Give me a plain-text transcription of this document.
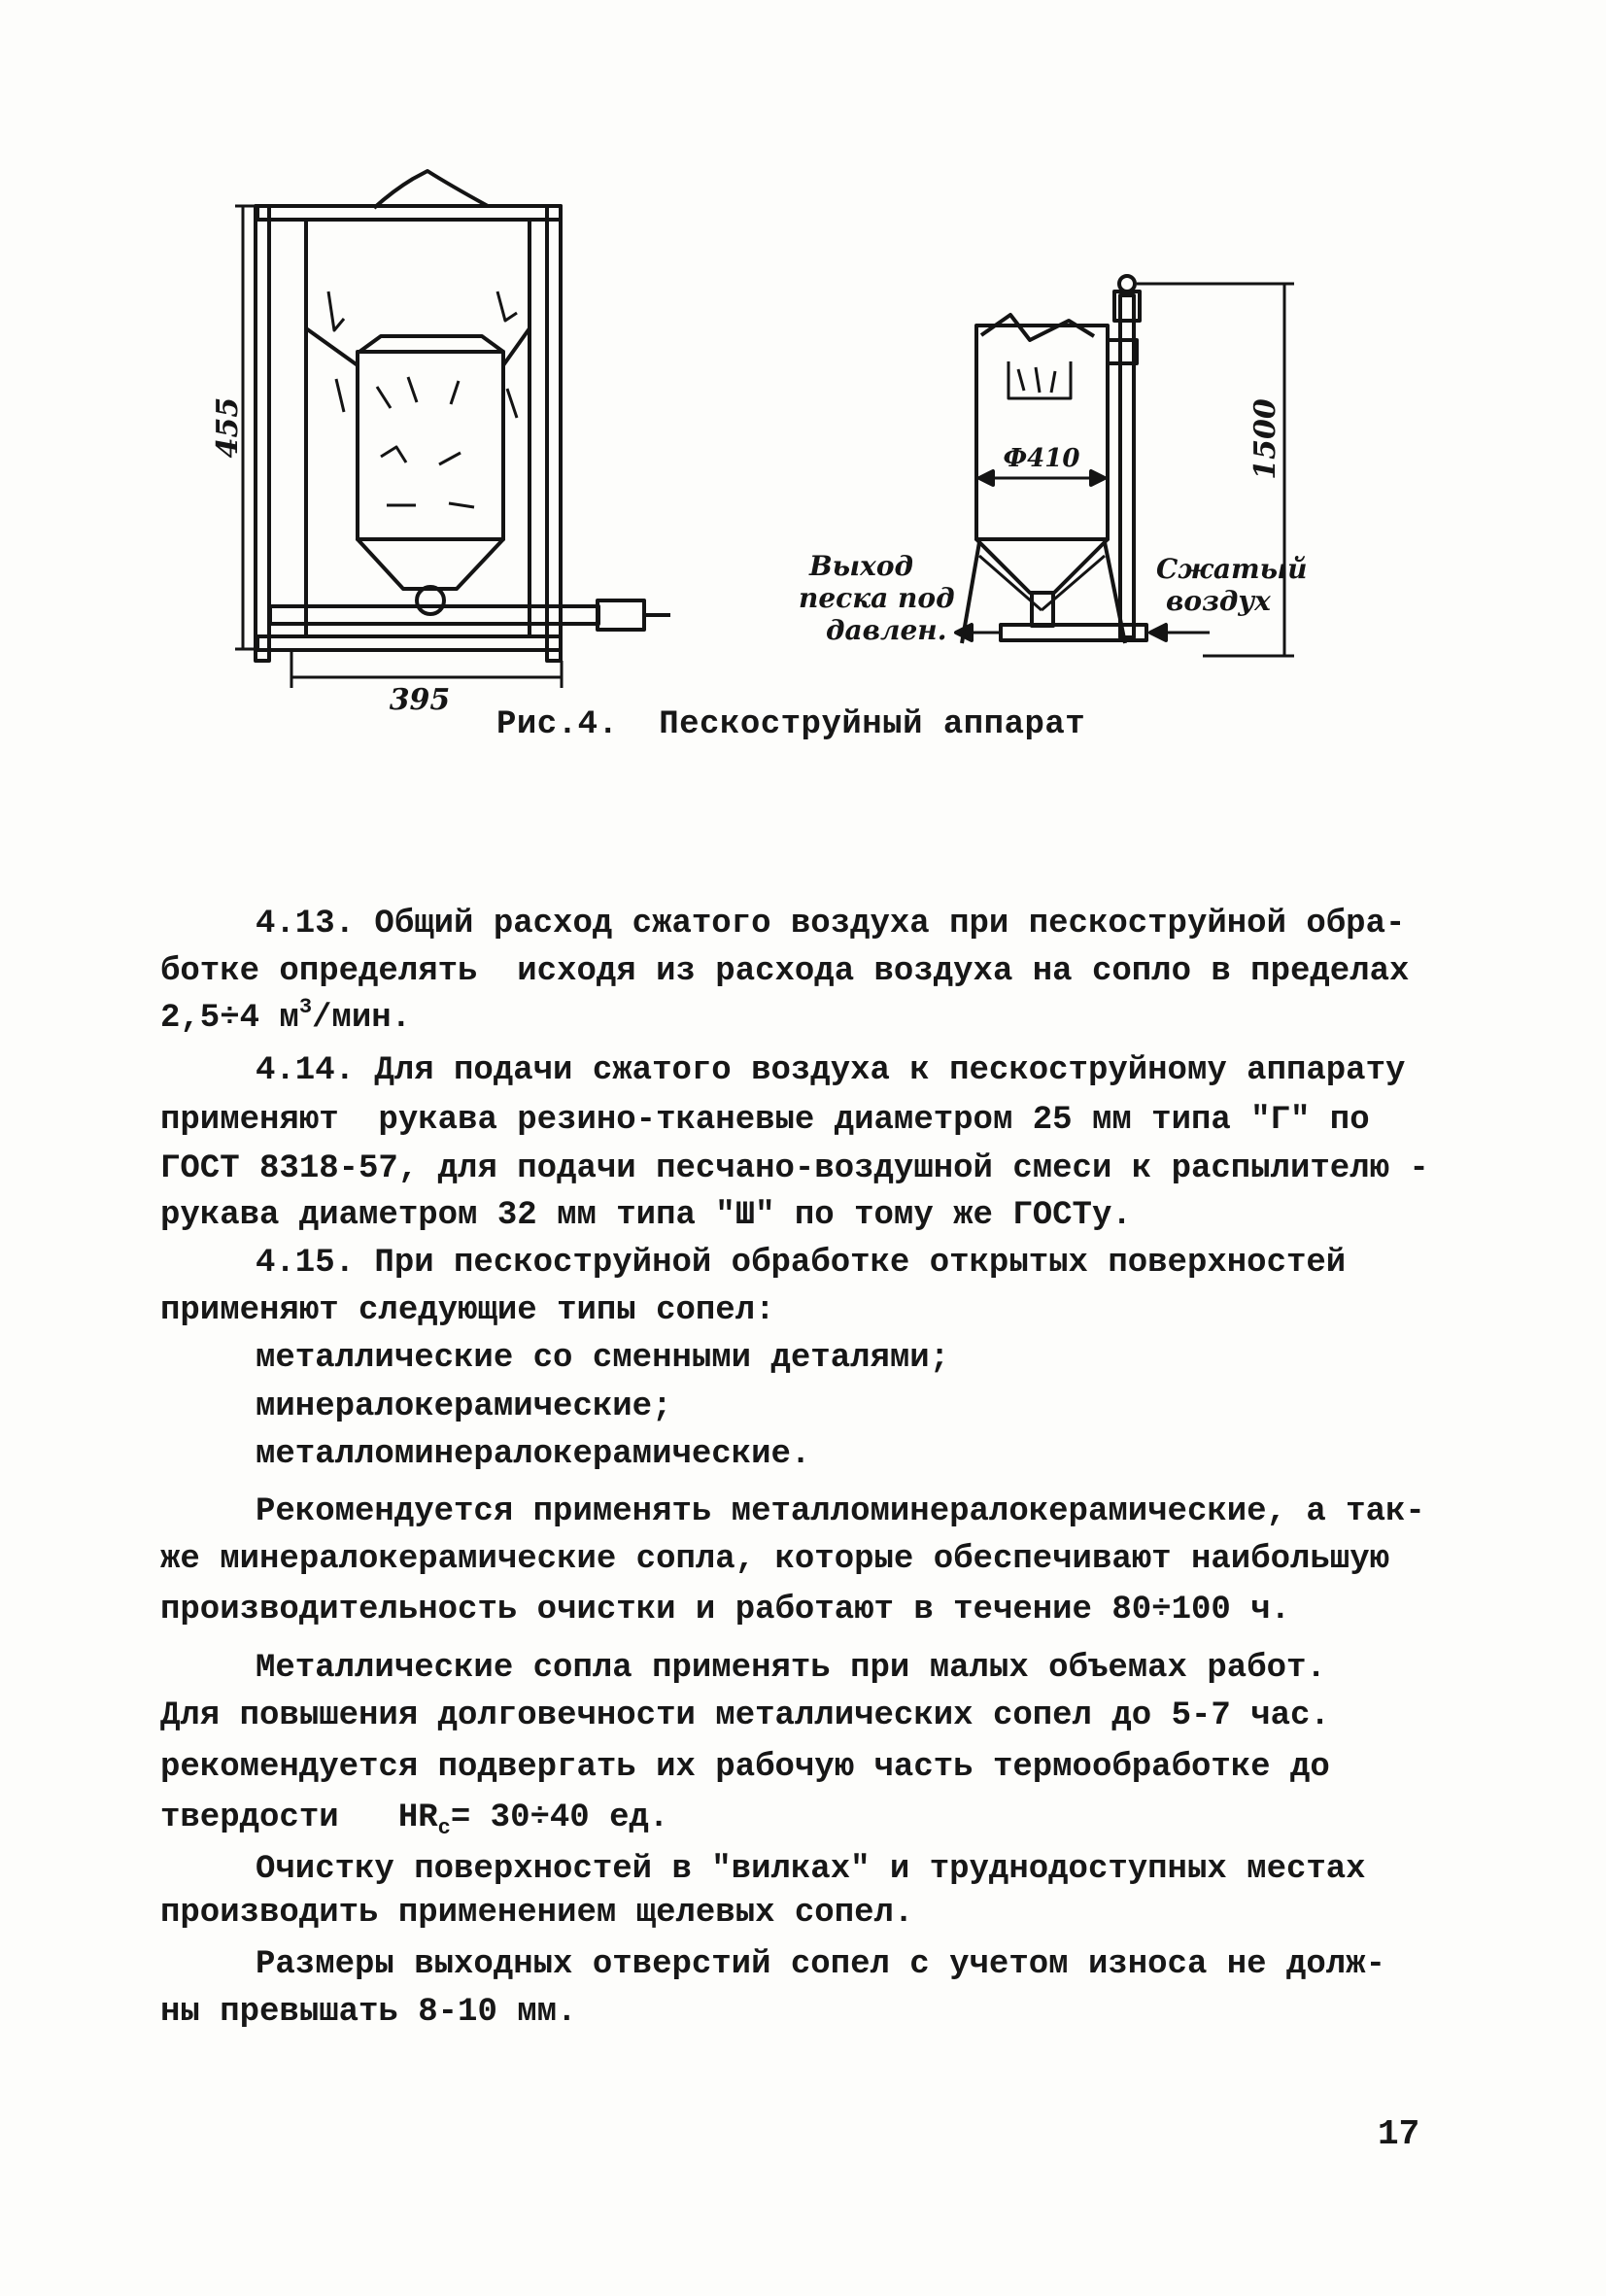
455
395
Ф410	1500
Выход
песка под
давлен.
Сжатый
воздух
Рис.4.  Пескоструйный аппарат
4.13. Общий расход сжатого воздуха при пескоструйной обра-
ботке определять  исходя из расхода воздуха на сопло в пределах
2,5÷4 $м^3$/мин.
4.14. Для подачи сжатого воздуха к пескоструйному аппарату
применяют  рукава резино-тканевые диаметром 25 мм типа "Г" по
ГОСТ 8318-57, для подачи песчано-воздушной смеси к распылителю -
рукава диаметром 32 мм типа "Ш" по тому же ГОСТу.
4.15. При пескоструйной обработке открытых поверхностей
применяют следующие типы сопел:
металлические со сменными деталями;
минералокерамические;
металломинералокерамические.
Рекомендуется применять металломинералокерамические, а так-
же минералокерамические сопла, которые обеспечивают наибольшую
производительность очистки и работают в течение 80÷100 ч.
Металлические сопла применять при малых объемах работ.
Для повышения долговечности металлических сопел до 5-7 час.
рекомендуется подвергать их рабочую часть термообработке до
твердости   $HR_с= 30\div 40$ ед.
Очистку поверхностей в "вилках" и труднодоступных местах
производить применением щелевых сопел.
Размеры выходных отверстий сопел с учетом износа не долж-
ны превышать 8-10 мм.
17
